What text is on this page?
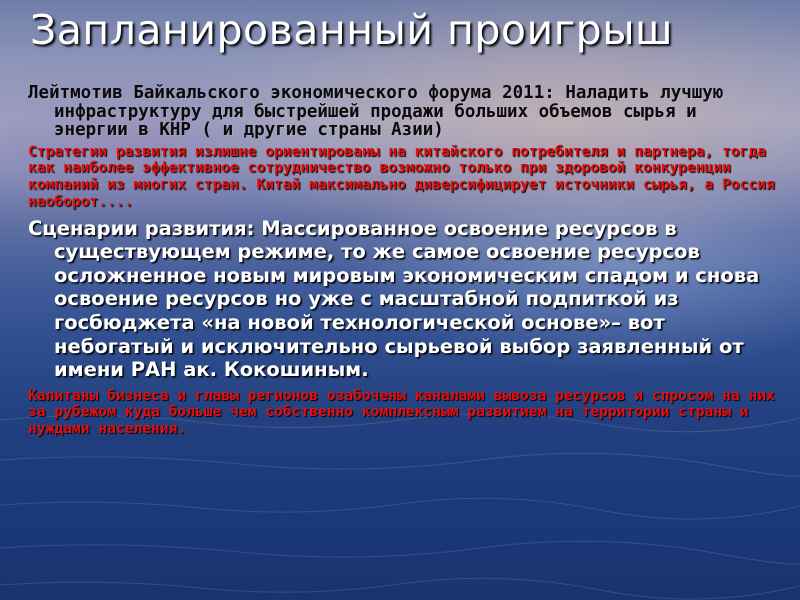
Запланированный проигрыш

Лейтмотив Байкальского экономического форума 2011: Наладить лучшую инфраструктуру для быстрейшей продажи больших объемов сырья и энергии в КНР ( и другие страны Азии)

Стратегии развития излишне ориентированы на китайского потребителя и партнера, тогда как наиболее эффективное сотрудничество возможно только при здоровой конкуренции компаний из многих стран. Китай максимально диверсифицирует источники сырья, а Россия наоборот....

Сценарии развития: Массированное освоение ресурсов в существующем режиме, то же самое освоение ресурсов осложненное новым мировым экономическим спадом и снова освоение ресурсов но уже с масштабной подпиткой из госбюджета «на новой технологической основе»– вот небогатый и исключительно сырьевой выбор заявленный от имени РАН ак. Кокошиным.

Капитаны бизнеса и главы регионов озабочены каналами вывоза ресурсов и спросом на них за рубежом куда больше чем собственно комплексным развитием на территории страны и нуждами населения.
